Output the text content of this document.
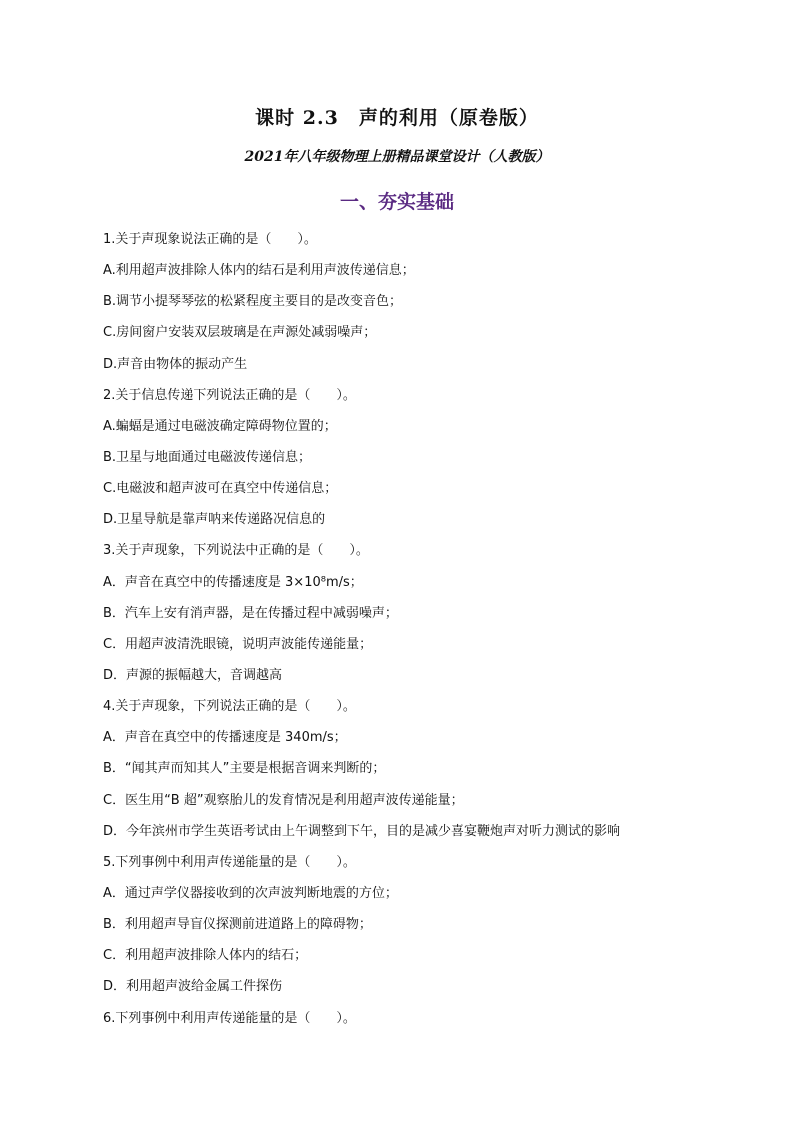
课时 2.3　声的利用（原卷版）
2021年八年级物理上册精品课堂设计（人教版）
一、夯实基础
1.关于声现象说法正确的是（　　）。
A.利用超声波排除人体内的结石是利用声波传递信息；
B.调节小提琴琴弦的松紧程度主要目的是改变音色；
C.房间窗户安装双层玻璃是在声源处减弱噪声；
D.声音由物体的振动产生
2.关于信息传递下列说法正确的是（　　）。
A.蝙蝠是通过电磁波确定障碍物位置的；
B.卫星与地面通过电磁波传递信息；
C.电磁波和超声波可在真空中传递信息；
D.卫星导航是靠声呐来传递路况信息的
3.关于声现象，下列说法中正确的是（　　）。
A．声音在真空中的传播速度是 3×10⁸m/s；
B．汽车上安有消声器，是在传播过程中减弱噪声；
C．用超声波清洗眼镜，说明声波能传递能量；
D．声源的振幅越大，音调越高
4.关于声现象，下列说法正确的是（　　）。
A．声音在真空中的传播速度是 340m/s；
B．“闻其声而知其人”主要是根据音调来判断的；
C．医生用“B 超”观察胎儿的发育情况是利用超声波传递能量；
D．今年滨州市学生英语考试由上午调整到下午，目的是减少喜宴鞭炮声对听力测试的影响
5.下列事例中利用声传递能量的是（　　）。
A．通过声学仪器接收到的次声波判断地震的方位；
B．利用超声导盲仪探测前进道路上的障碍物；
C．利用超声波排除人体内的结石；
D．利用超声波给金属工件探伤
6.下列事例中利用声传递能量的是（　　）。
